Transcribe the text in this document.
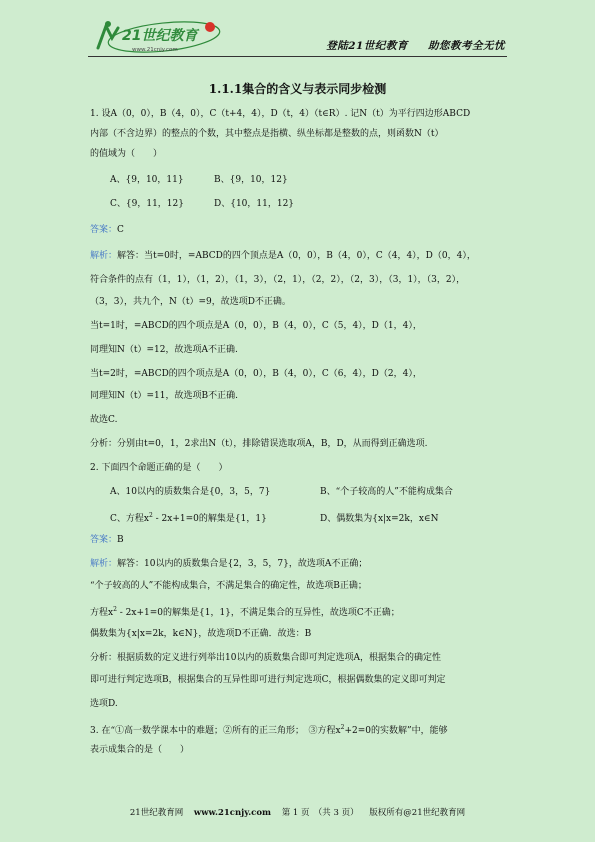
21世纪教育
www.21cnjy.com	登陆21世纪教育 助您教考全无忧
1.1.1集合的含义与表示同步检测
1. 设A（0，0），B（4，0），C（t+4，4），D（t，4）（t∈R）. 记N（t）为平行四边形ABCD
内部（不含边界）的整点的个数，其中整点是指横、纵坐标都是整数的点，则函数N（t）
的值域为（　　）
A、{9，10，11}	B、{9，10，12}
C、{9，11，12}	D、{10，11，12}
答案：C
解析：解答：当t=0时，=ABCD的四个顶点是A（0，0），B（4，0），C（4，4），D（0，4），
符合条件的点有（1，1），（1，2），（1，3），（2，1），（2，2），（2，3），（3，1），（3，2），
（3，3），共九个，N（t）=9，故选项D不正确。
当t=1时，=ABCD的四个项点是A（0，0），B（4，0），C（5，4），D（1，4），
同理知N（t）=12，故选项A不正确.
当t=2时，=ABCD的四个项点是A（0，0），B（4，0），C（6，4），D（2，4），
同理知N（t）=11，故选项B不正确.
故选C.
分析：分别由t=0，1，2求出N（t），排除错误选取项A，B，D，从而得到正确选项.
2. 下面四个命题正确的是（　　）
A、10以内的质数集合是{0，3，5，7}	B、“个子较高的人”不能构成集合
C、方程$x^2 - 2x+1=0$的解集是{1，1}	D、偶数集为{x|x=2k，x∈N
答案：B
解析：解答：10以内的质数集合是{2，3，5，7}，故选项A不正确；
“个子较高的人”不能构成集合，不满足集合的确定性，故选项B正确；
方程$x^2 - 2x+1=0$的解集是{1，1}，不满足集合的互异性，故选项C不正确；
偶数集为{x|x=2k，k∈N}，故选项D不正确．故选：B
分析：根据质数的定义进行列举出10以内的质数集合即可判定选项A，根据集合的确定性
即可进行判定选项B，根据集合的互异性即可进行判定选项C，根据偶数集的定义即可判定
选项D.
3. 在“①高一数学课本中的难题；②所有的正三角形；　③方程$x^2+2=0$的实数解”中，能够
表示成集合的是（　　）
21世纪教育网 www.21cnjy.com 第 1 页　（共 3 页） 版权所有@21世纪教育网
